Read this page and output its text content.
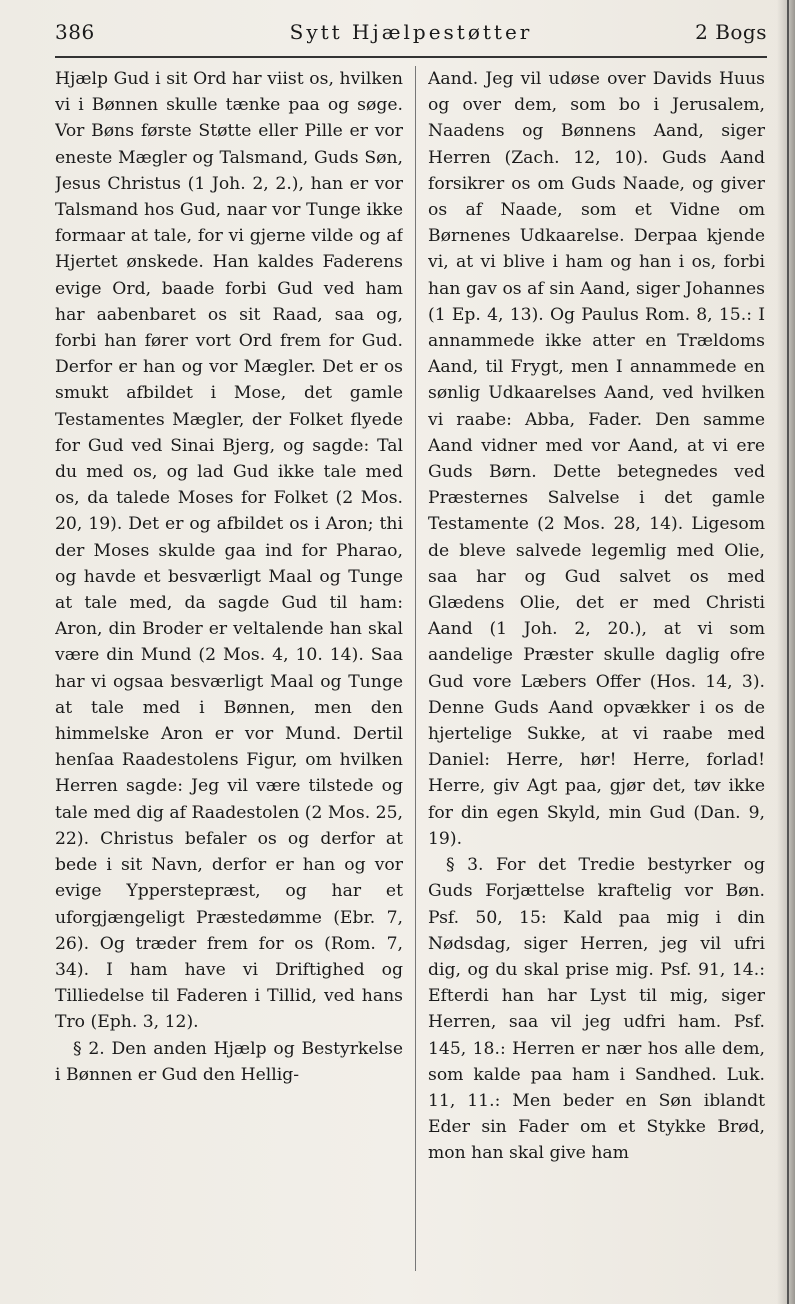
386	Sytt Hjælpestøtter	2 Bogs

Hjælp Gud i sit Ord har viist os, hvilken vi i Bønnen skulle tænke paa og søge. Vor Bøns første Støtte eller Pille er vor eneste Mægler og Talsmand, Guds Søn, Jesus Christus (1 Joh. 2, 2.), han er vor Talsmand hos Gud, naar vor Tunge ikke formaar at tale, for vi gjerne vilde og af Hjertet ønskede. Han kaldes Faderens evige Ord, baade forbi Gud ved ham har aabenbaret os sit Raad, saa og, forbi han fører vort Ord frem for Gud. Derfor er han og vor Mægler. Det er os smukt afbildet i Mose, det gamle Testamentes Mægler, der Folket flyede for Gud ved Sinai Bjerg, og sagde: Tal du med os, og lad Gud ikke tale med os, da talede Moses for Folket (2 Mos. 20, 19). Det er og afbildet os i Aron; thi der Moses skulde gaa ind for Pharao, og havde et besværligt Maal og Tunge at tale med, da sagde Gud til ham: Aron, din Broder er veltalende han skal være din Mund (2 Mos. 4, 10. 14). Saa har vi ogsaa besværligt Maal og Tunge at tale med i Bønnen, men den himmelske Aron er vor Mund. Dertil henſaa Raadestolens Figur, om hvilken Herren sagde: Jeg vil være tilstede og tale med dig af Raadestolen (2 Mos. 25, 22). Christus befaler os og derfor at bede i sit Navn, derfor er han og vor evige Ypperstepræst, og har et uforgjængeligt Præstedømme (Ebr. 7, 26). Og træder frem for os (Rom. 7, 34). I ham have vi Driftighed og Tilliedelse til Faderen i Tillid, ved hans Tro (Eph. 3, 12).

§ 2. Den anden Hjælp og Bestyrkelse i Bønnen er Gud den Hellig-

Aand. Jeg vil udøse over Davids Huus og over dem, som bo i Jerusalem, Naadens og Bønnens Aand, siger Herren (Zach. 12, 10). Guds Aand forsikrer os om Guds Naade, og giver os af Naade, som et Vidne om Børnenes Udkaarelse. Derpaa kjende vi, at vi blive i ham og han i os, forbi han gav os af sin Aand, siger Johannes (1 Ep. 4, 13). Og Paulus Rom. 8, 15.: I annammede ikke atter en Trældoms Aand, til Frygt, men I annammede en sønlig Udkaarelses Aand, ved hvilken vi raabe: Abba, Fader. Den samme Aand vidner med vor Aand, at vi ere Guds Børn. Dette betegnedes ved Præsternes Salvelse i det gamle Testamente (2 Mos. 28, 14). Ligesom de bleve salvede legemlig med Olie, saa har og Gud salvet os med Glædens Olie, det er med Christi Aand (1 Joh. 2, 20.), at vi som aandelige Præster skulle daglig ofre Gud vore Læbers Offer (Hos. 14, 3). Denne Guds Aand opvækker i os de hjertelige Sukke, at vi raabe med Daniel: Herre, hør! Herre, forlad! Herre, giv Agt paa, gjør det, tøv ikke for din egen Skyld, min Gud (Dan. 9, 19).

§ 3. For det Tredie bestyrker og Guds Forjættelse kraftelig vor Bøn. Psf. 50, 15: Kald paa mig i din Nødsdag, siger Herren, jeg vil ufri dig, og du skal prise mig. Psf. 91, 14.: Efterdi han har Lyst til mig, siger Herren, saa vil jeg udfri ham. Psf. 145, 18.: Herren er nær hos alle dem, som kalde paa ham i Sandhed. Luk. 11, 11.: Men beder en Søn iblandt Eder sin Fader om et Stykke Brød, mon han skal give ham
